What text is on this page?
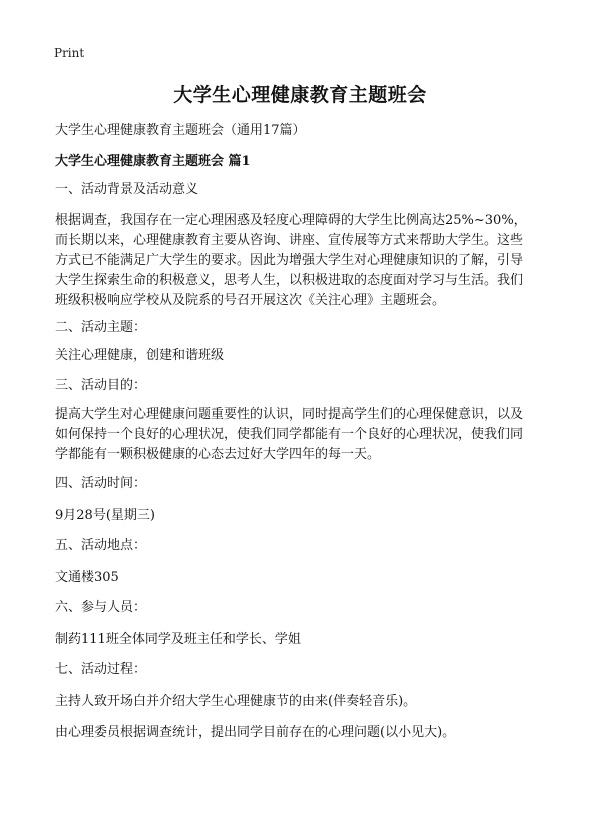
Print
大学生心理健康教育主题班会
大学生心理健康教育主题班会（通用17篇）
大学生心理健康教育主题班会 篇1
一、活动背景及活动意义
根据调查，我国存在一定心理困惑及轻度心理障碍的大学生比例高达25%~30%，
而长期以来，心理健康教育主要从咨询、讲座、宣传展等方式来帮助大学生。这些
方式已不能满足广大学生的要求。因此为增强大学生对心理健康知识的了解，引导
大学生探索生命的积极意义，思考人生，以积极进取的态度面对学习与生活。我们
班级积极响应学校从及院系的号召开展这次《关注心理》主题班会。
二、活动主题：
关注心理健康，创建和谐班级
三、活动目的：
提高大学生对心理健康问题重要性的认识，同时提高学生们的心理保健意识，以及
如何保持一个良好的心理状况，使我们同学都能有一个良好的心理状况，使我们同
学都能有一颗积极健康的心态去过好大学四年的每一天。
四、活动时间：
9月28号(星期三)
五、活动地点：
文通楼305
六、参与人员：
制药111班全体同学及班主任和学长、学姐
七、活动过程：
主持人致开场白并介绍大学生心理健康节的由来(伴奏轻音乐)。
由心理委员根据调查统计，提出同学目前存在的心理问题(以小见大)。
